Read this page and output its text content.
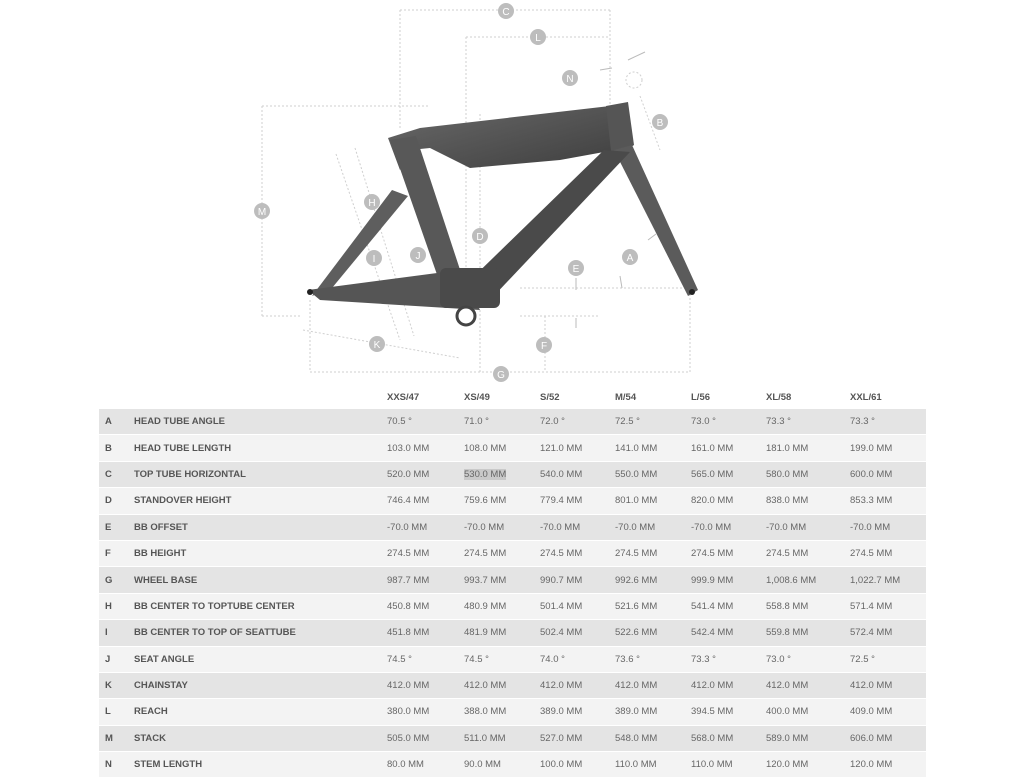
C
L
N
B
M
H
D
J
I
E
A
K	F
G
		XXS/47	XS/49	S/52	M/54	L/56	XL/58	XXL/61
A	HEAD TUBE ANGLE	70.5 °	71.0 °	72.0 °	72.5 °	73.0 °	73.3 °	73.3 °
B	HEAD TUBE LENGTH	103.0 MM	108.0 MM	121.0 MM	141.0 MM	161.0 MM	181.0 MM	199.0 MM
C	TOP TUBE HORIZONTAL	520.0 MM	530.0 MM	540.0 MM	550.0 MM	565.0 MM	580.0 MM	600.0 MM
D	STANDOVER HEIGHT	746.4 MM	759.6 MM	779.4 MM	801.0 MM	820.0 MM	838.0 MM	853.3 MM
E	BB OFFSET	-70.0 MM	-70.0 MM	-70.0 MM	-70.0 MM	-70.0 MM	-70.0 MM	-70.0 MM
F	BB HEIGHT	274.5 MM	274.5 MM	274.5 MM	274.5 MM	274.5 MM	274.5 MM	274.5 MM
G	WHEEL BASE	987.7 MM	993.7 MM	990.7 MM	992.6 MM	999.9 MM	1,008.6 MM	1,022.7 MM
H	BB CENTER TO TOPTUBE CENTER	450.8 MM	480.9 MM	501.4 MM	521.6 MM	541.4 MM	558.8 MM	571.4 MM
I	BB CENTER TO TOP OF SEATTUBE	451.8 MM	481.9 MM	502.4 MM	522.6 MM	542.4 MM	559.8 MM	572.4 MM
J	SEAT ANGLE	74.5 °	74.5 °	74.0 °	73.6 °	73.3 °	73.0 °	72.5 °
K	CHAINSTAY	412.0 MM	412.0 MM	412.0 MM	412.0 MM	412.0 MM	412.0 MM	412.0 MM
L	REACH	380.0 MM	388.0 MM	389.0 MM	389.0 MM	394.5 MM	400.0 MM	409.0 MM
M	STACK	505.0 MM	511.0 MM	527.0 MM	548.0 MM	568.0 MM	589.0 MM	606.0 MM
N	STEM LENGTH	80.0 MM	90.0 MM	100.0 MM	110.0 MM	110.0 MM	120.0 MM	120.0 MM
